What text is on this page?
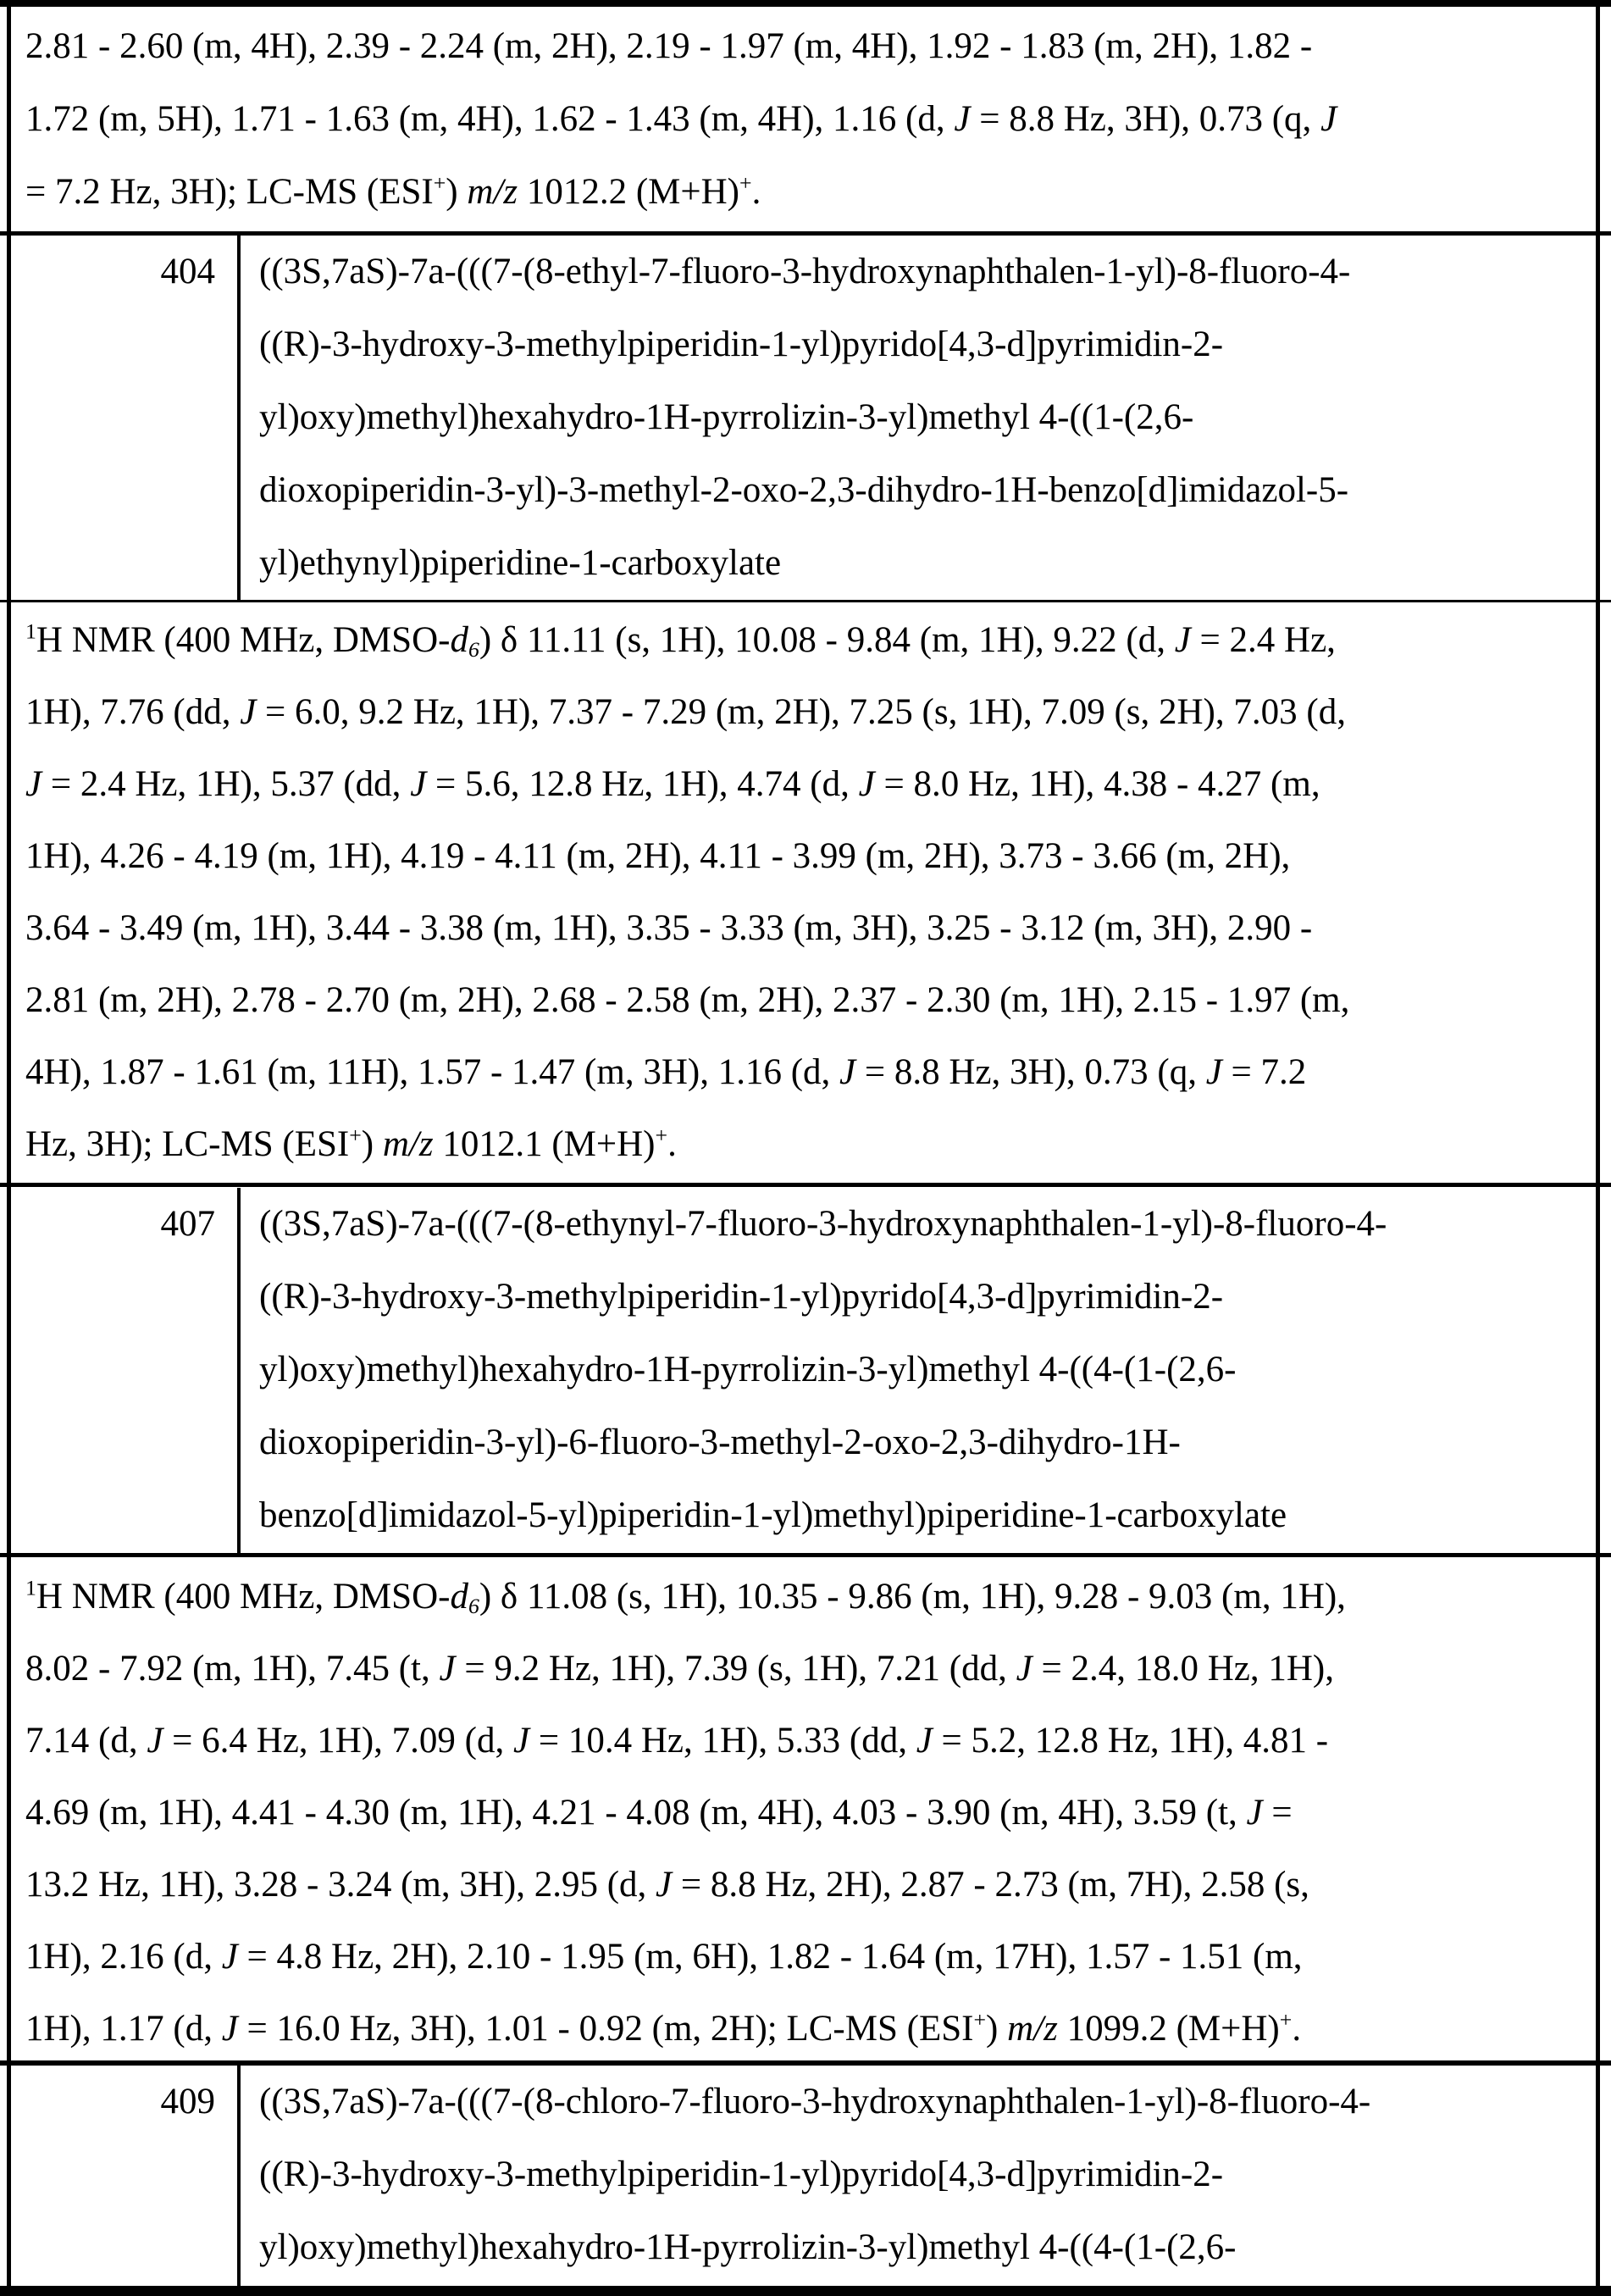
2.81 - 2.60 (m, 4H), 2.39 - 2.24 (m, 2H), 2.19 - 1.97 (m, 4H), 1.92 - 1.83 (m, 2H), 1.82 -
1.72 (m, 5H), 1.71 - 1.63 (m, 4H), 1.62 - 1.43 (m, 4H), 1.16 (d, J = 8.8 Hz, 3H), 0.73 (q, J
= 7.2 Hz, 3H); LC-MS (ESI+) m/z 1012.2 (M+H)+.
404	((3S,7aS)-7a-(((7-(8-ethyl-7-fluoro-3-hydroxynaphthalen-1-yl)-8-fluoro-4-
((R)-3-hydroxy-3-methylpiperidin-1-yl)pyrido[4,3-d]pyrimidin-2-
yl)oxy)methyl)hexahydro-1H-pyrrolizin-3-yl)methyl 4-((1-(2,6-
dioxopiperidin-3-yl)-3-methyl-2-oxo-2,3-dihydro-1H-benzo[d]imidazol-5-
yl)ethynyl)piperidine-1-carboxylate
$^1$H NMR (400 MHz, DMSO-$d_6$) δ 11.11 (s, 1H), 10.08 - 9.84 (m, 1H), 9.22 (d, J = 2.4 Hz,
1H), 7.76 (dd, J = 6.0, 9.2 Hz, 1H), 7.37 - 7.29 (m, 2H), 7.25 (s, 1H), 7.09 (s, 2H), 7.03 (d,
J = 2.4 Hz, 1H), 5.37 (dd, J = 5.6, 12.8 Hz, 1H), 4.74 (d, J = 8.0 Hz, 1H), 4.38 - 4.27 (m,
1H), 4.26 - 4.19 (m, 1H), 4.19 - 4.11 (m, 2H), 4.11 - 3.99 (m, 2H), 3.73 - 3.66 (m, 2H),
3.64 - 3.49 (m, 1H), 3.44 - 3.38 (m, 1H), 3.35 - 3.33 (m, 3H), 3.25 - 3.12 (m, 3H), 2.90 -
2.81 (m, 2H), 2.78 - 2.70 (m, 2H), 2.68 - 2.58 (m, 2H), 2.37 - 2.30 (m, 1H), 2.15 - 1.97 (m,
4H), 1.87 - 1.61 (m, 11H), 1.57 - 1.47 (m, 3H), 1.16 (d, J = 8.8 Hz, 3H), 0.73 (q, J = 7.2
Hz, 3H); LC-MS (ESI+) m/z 1012.1 (M+H)+.
407	((3S,7aS)-7a-(((7-(8-ethynyl-7-fluoro-3-hydroxynaphthalen-1-yl)-8-fluoro-4-
((R)-3-hydroxy-3-methylpiperidin-1-yl)pyrido[4,3-d]pyrimidin-2-
yl)oxy)methyl)hexahydro-1H-pyrrolizin-3-yl)methyl 4-((4-(1-(2,6-
dioxopiperidin-3-yl)-6-fluoro-3-methyl-2-oxo-2,3-dihydro-1H-
benzo[d]imidazol-5-yl)piperidin-1-yl)methyl)piperidine-1-carboxylate
$^1$H NMR (400 MHz, DMSO-$d_6$) δ 11.08 (s, 1H), 10.35 - 9.86 (m, 1H), 9.28 - 9.03 (m, 1H),
8.02 - 7.92 (m, 1H), 7.45 (t, J = 9.2 Hz, 1H), 7.39 (s, 1H), 7.21 (dd, J = 2.4, 18.0 Hz, 1H),
7.14 (d, J = 6.4 Hz, 1H), 7.09 (d, J = 10.4 Hz, 1H), 5.33 (dd, J = 5.2, 12.8 Hz, 1H), 4.81 -
4.69 (m, 1H), 4.41 - 4.30 (m, 1H), 4.21 - 4.08 (m, 4H), 4.03 - 3.90 (m, 4H), 3.59 (t, J =
13.2 Hz, 1H), 3.28 - 3.24 (m, 3H), 2.95 (d, J = 8.8 Hz, 2H), 2.87 - 2.73 (m, 7H), 2.58 (s,
1H), 2.16 (d, J = 4.8 Hz, 2H), 2.10 - 1.95 (m, 6H), 1.82 - 1.64 (m, 17H), 1.57 - 1.51 (m,
1H), 1.17 (d, J = 16.0 Hz, 3H), 1.01 - 0.92 (m, 2H); LC-MS (ESI+) m/z 1099.2 (M+H)+.
409	((3S,7aS)-7a-(((7-(8-chloro-7-fluoro-3-hydroxynaphthalen-1-yl)-8-fluoro-4-
((R)-3-hydroxy-3-methylpiperidin-1-yl)pyrido[4,3-d]pyrimidin-2-
yl)oxy)methyl)hexahydro-1H-pyrrolizin-3-yl)methyl 4-((4-(1-(2,6-
